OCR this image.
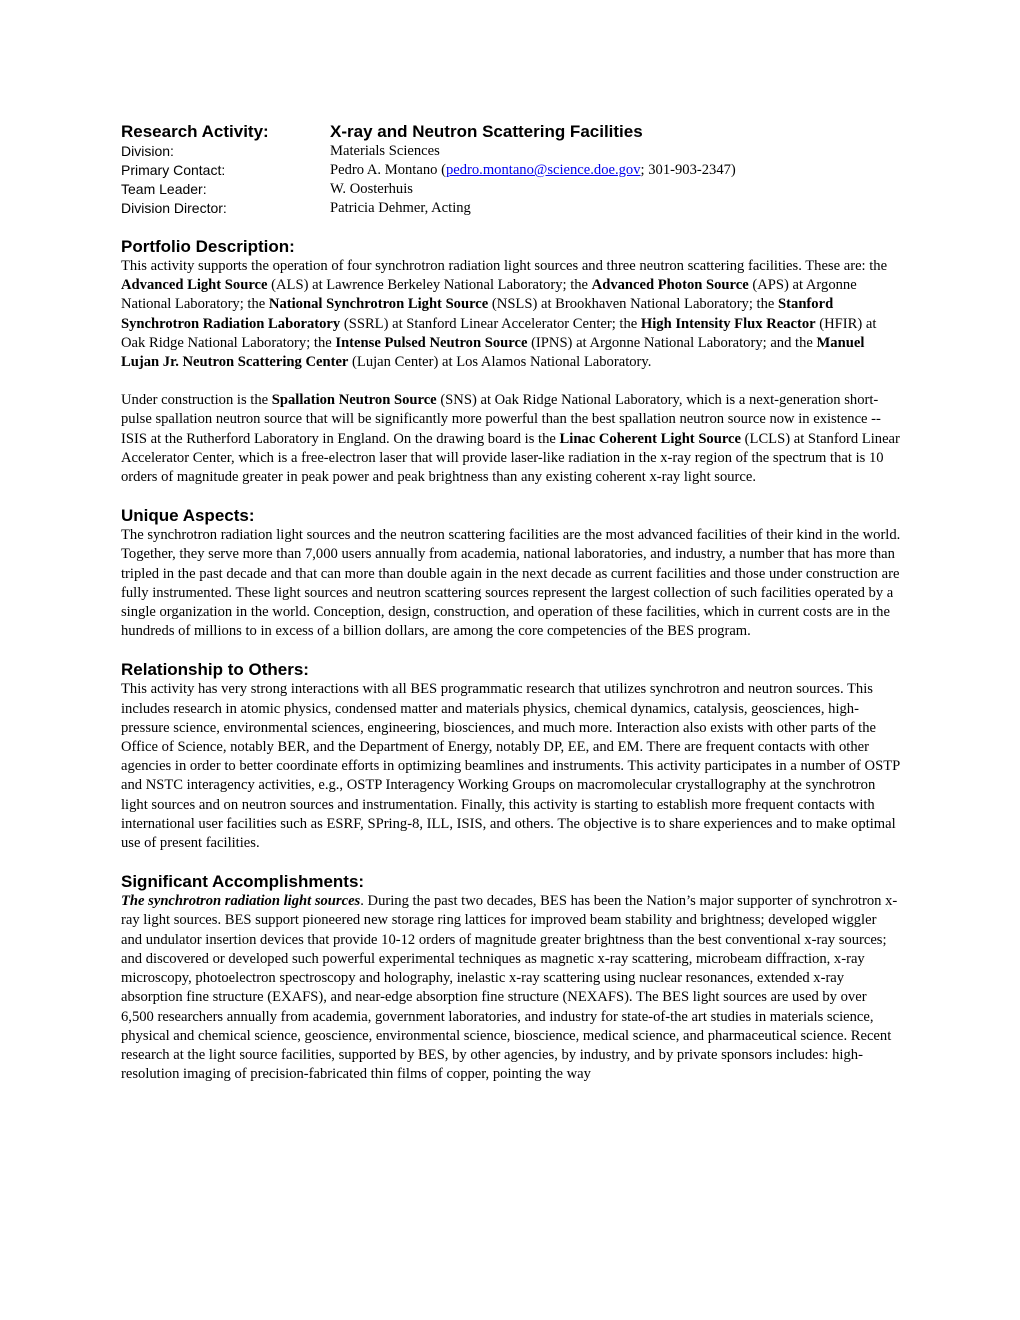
Research Activity:	X-ray and Neutron Scattering Facilities
Division:	Materials Sciences
Primary Contact:	Pedro A. Montano (pedro.montano@science.doe.gov; 301-903-2347)
Team Leader:	W. Oosterhuis
Division Director:	Patricia Dehmer, Acting
Portfolio Description:

This activity supports the operation of four synchrotron radiation light sources and three neutron scattering facilities. These are: the Advanced Light Source (ALS) at Lawrence Berkeley National Laboratory; the Advanced Photon Source (APS) at Argonne National Laboratory; the National Synchrotron Light Source (NSLS) at Brookhaven National Laboratory; the Stanford Synchrotron Radiation Laboratory (SSRL) at Stanford Linear Accelerator Center; the High Intensity Flux Reactor (HFIR) at Oak Ridge National Laboratory; the Intense Pulsed Neutron Source (IPNS) at Argonne National Laboratory; and the Manuel Lujan Jr. Neutron Scattering Center (Lujan Center) at Los Alamos National Laboratory.

Under construction is the Spallation Neutron Source (SNS) at Oak Ridge National Laboratory, which is a next-generation short-pulse spallation neutron source that will be significantly more powerful than the best spallation neutron source now in existence -- ISIS at the Rutherford Laboratory in England. On the drawing board is the Linac Coherent Light Source (LCLS) at Stanford Linear Accelerator Center, which is a free-electron laser that will provide laser-like radiation in the x-ray region of the spectrum that is 10 orders of magnitude greater in peak power and peak brightness than any existing coherent x-ray light source.

Unique Aspects:

The synchrotron radiation light sources and the neutron scattering facilities are the most advanced facilities of their kind in the world. Together, they serve more than 7,000 users annually from academia, national laboratories, and industry, a number that has more than tripled in the past decade and that can more than double again in the next decade as current facilities and those under construction are fully instrumented. These light sources and neutron scattering sources represent the largest collection of such facilities operated by a single organization in the world. Conception, design, construction, and operation of these facilities, which in current costs are in the hundreds of millions to in excess of a billion dollars, are among the core competencies of the BES program.

Relationship to Others:

This activity has very strong interactions with all BES programmatic research that utilizes synchrotron and neutron sources. This includes research in atomic physics, condensed matter and materials physics, chemical dynamics, catalysis, geosciences, high-pressure science, environmental sciences, engineering, biosciences, and much more. Interaction also exists with other parts of the Office of Science, notably BER, and the Department of Energy, notably DP, EE, and EM. There are frequent contacts with other agencies in order to better coordinate efforts in optimizing beamlines and instruments. This activity participates in a number of OSTP and NSTC interagency activities, e.g., OSTP Interagency Working Groups on macromolecular crystallography at the synchrotron light sources and on neutron sources and instrumentation. Finally, this activity is starting to establish more frequent contacts with international user facilities such as ESRF, SPring-8, ILL, ISIS, and others. The objective is to share experiences and to make optimal use of present facilities.

Significant Accomplishments:

The synchrotron radiation light sources. During the past two decades, BES has been the Nation’s major supporter of synchrotron x-ray light sources. BES support pioneered new storage ring lattices for improved beam stability and brightness; developed wiggler and undulator insertion devices that provide 10-12 orders of magnitude greater brightness than the best conventional x-ray sources; and discovered or developed such powerful experimental techniques as magnetic x-ray scattering, microbeam diffraction, x-ray microscopy, photoelectron spectroscopy and holography, inelastic x-ray scattering using nuclear resonances, extended x-ray absorption fine structure (EXAFS), and near-edge absorption fine structure (NEXAFS). The BES light sources are used by over 6,500 researchers annually from academia, government laboratories, and industry for state-of-the art studies in materials science, physical and chemical science, geoscience, environmental science, bioscience, medical science, and pharmaceutical science. Recent research at the light source facilities, supported by BES, by other agencies, by industry, and by private sponsors includes: high-resolution imaging of precision-fabricated thin films of copper, pointing the way
